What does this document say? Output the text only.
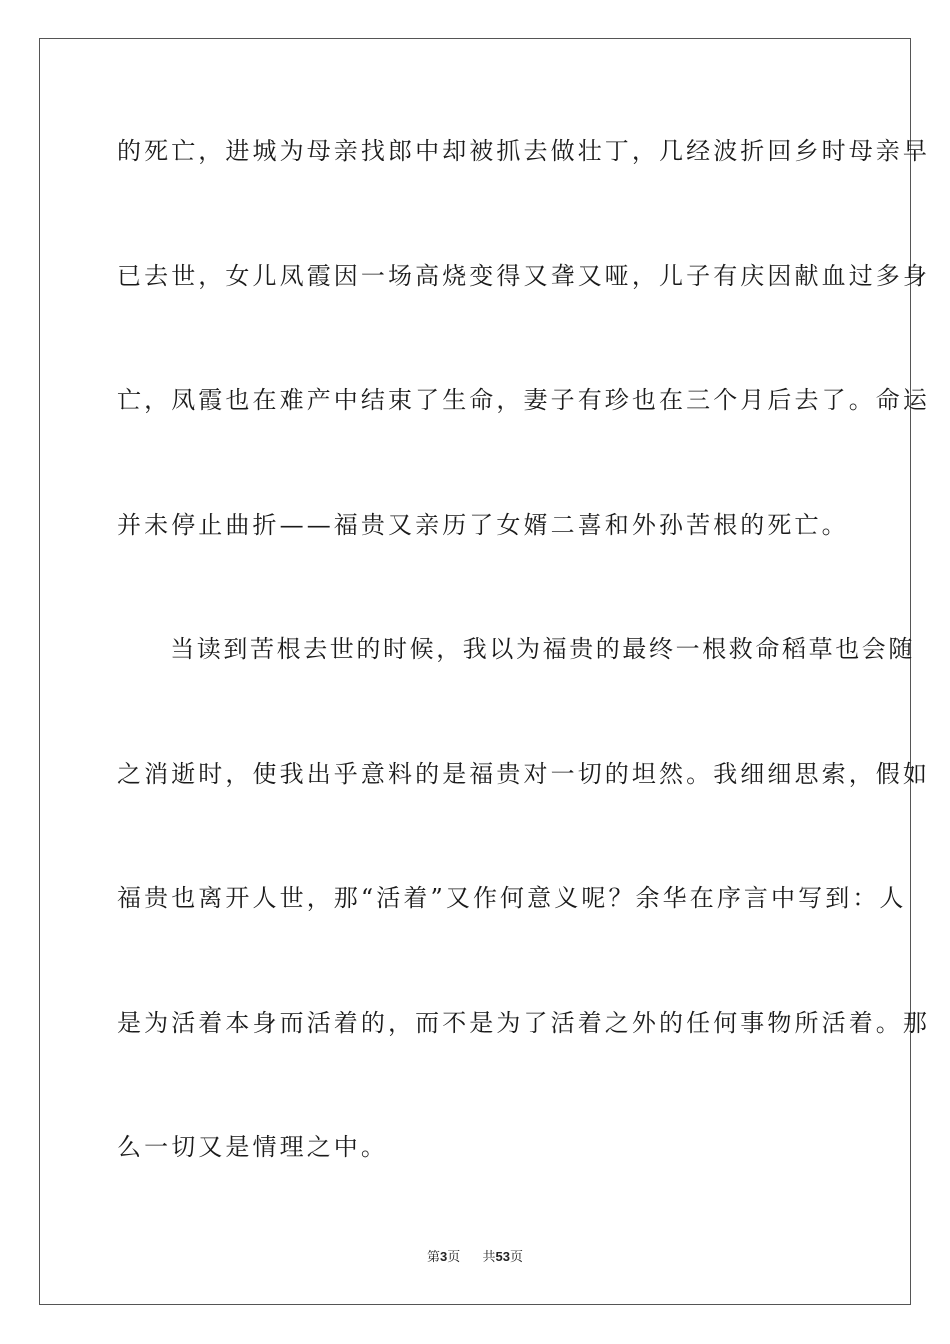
的死亡，进城为母亲找郎中却被抓去做壮丁，几经波折回乡时母亲早
已去世，女儿凤霞因一场高烧变得又聋又哑，儿子有庆因献血过多身
亡，凤霞也在难产中结束了生命，妻子有珍也在三个月后去了。命运
并未停止曲折——福贵又亲历了女婿二喜和外孙苦根的死亡。
　　当读到苦根去世的时候，我以为福贵的最终一根救命稻草也会随
之消逝时，使我出乎意料的是福贵对一切的坦然。我细细思索，假如
福贵也离开人世，那“活着”又作何意义呢？余华在序言中写到：人
是为活着本身而活着的，而不是为了活着之外的任何事物所活着。那
么一切又是情理之中。
第3页 共53页
